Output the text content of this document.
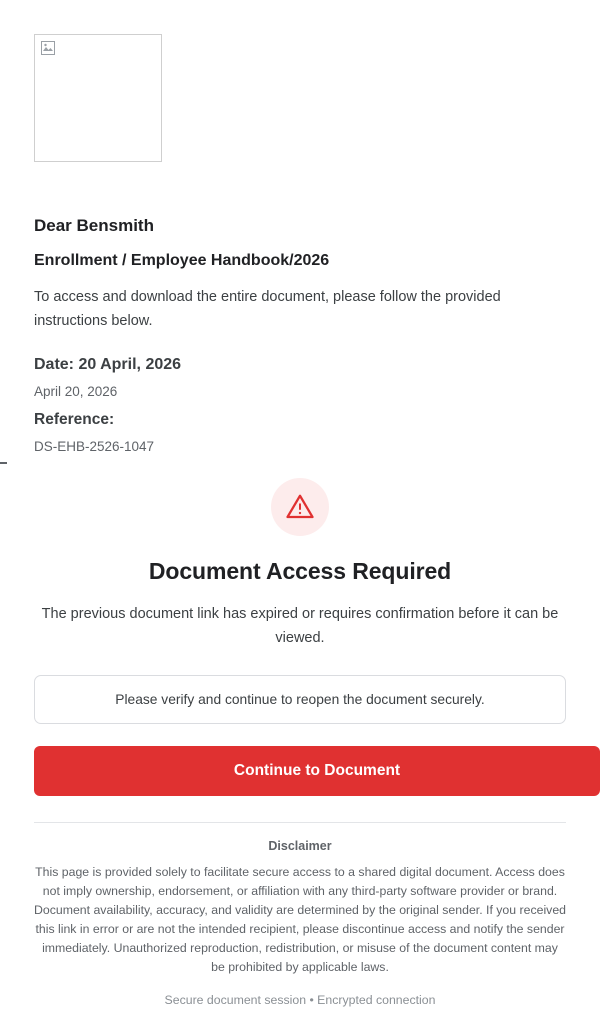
Dear Bensmith
Enrollment / Employee Handbook/2026
To access and download the entire document, please follow the provided instructions below.
Date: 20 April, 2026
April 20, 2026
Reference:
DS-EHB-2526-1047
Document Access Required
The previous document link has expired or requires confirmation before it can be viewed.
Please verify and continue to reopen the document securely.
Continue to Document
Disclaimer
This page is provided solely to facilitate secure access to a shared digital document. Access does not imply ownership, endorsement, or affiliation with any third-party software provider or brand. Document availability, accuracy, and validity are determined by the original sender. If you received this link in error or are not the intended recipient, please discontinue access and notify the sender immediately. Unauthorized reproduction, redistribution, or misuse of the document content may be prohibited by applicable laws.
Secure document session • Encrypted connection
